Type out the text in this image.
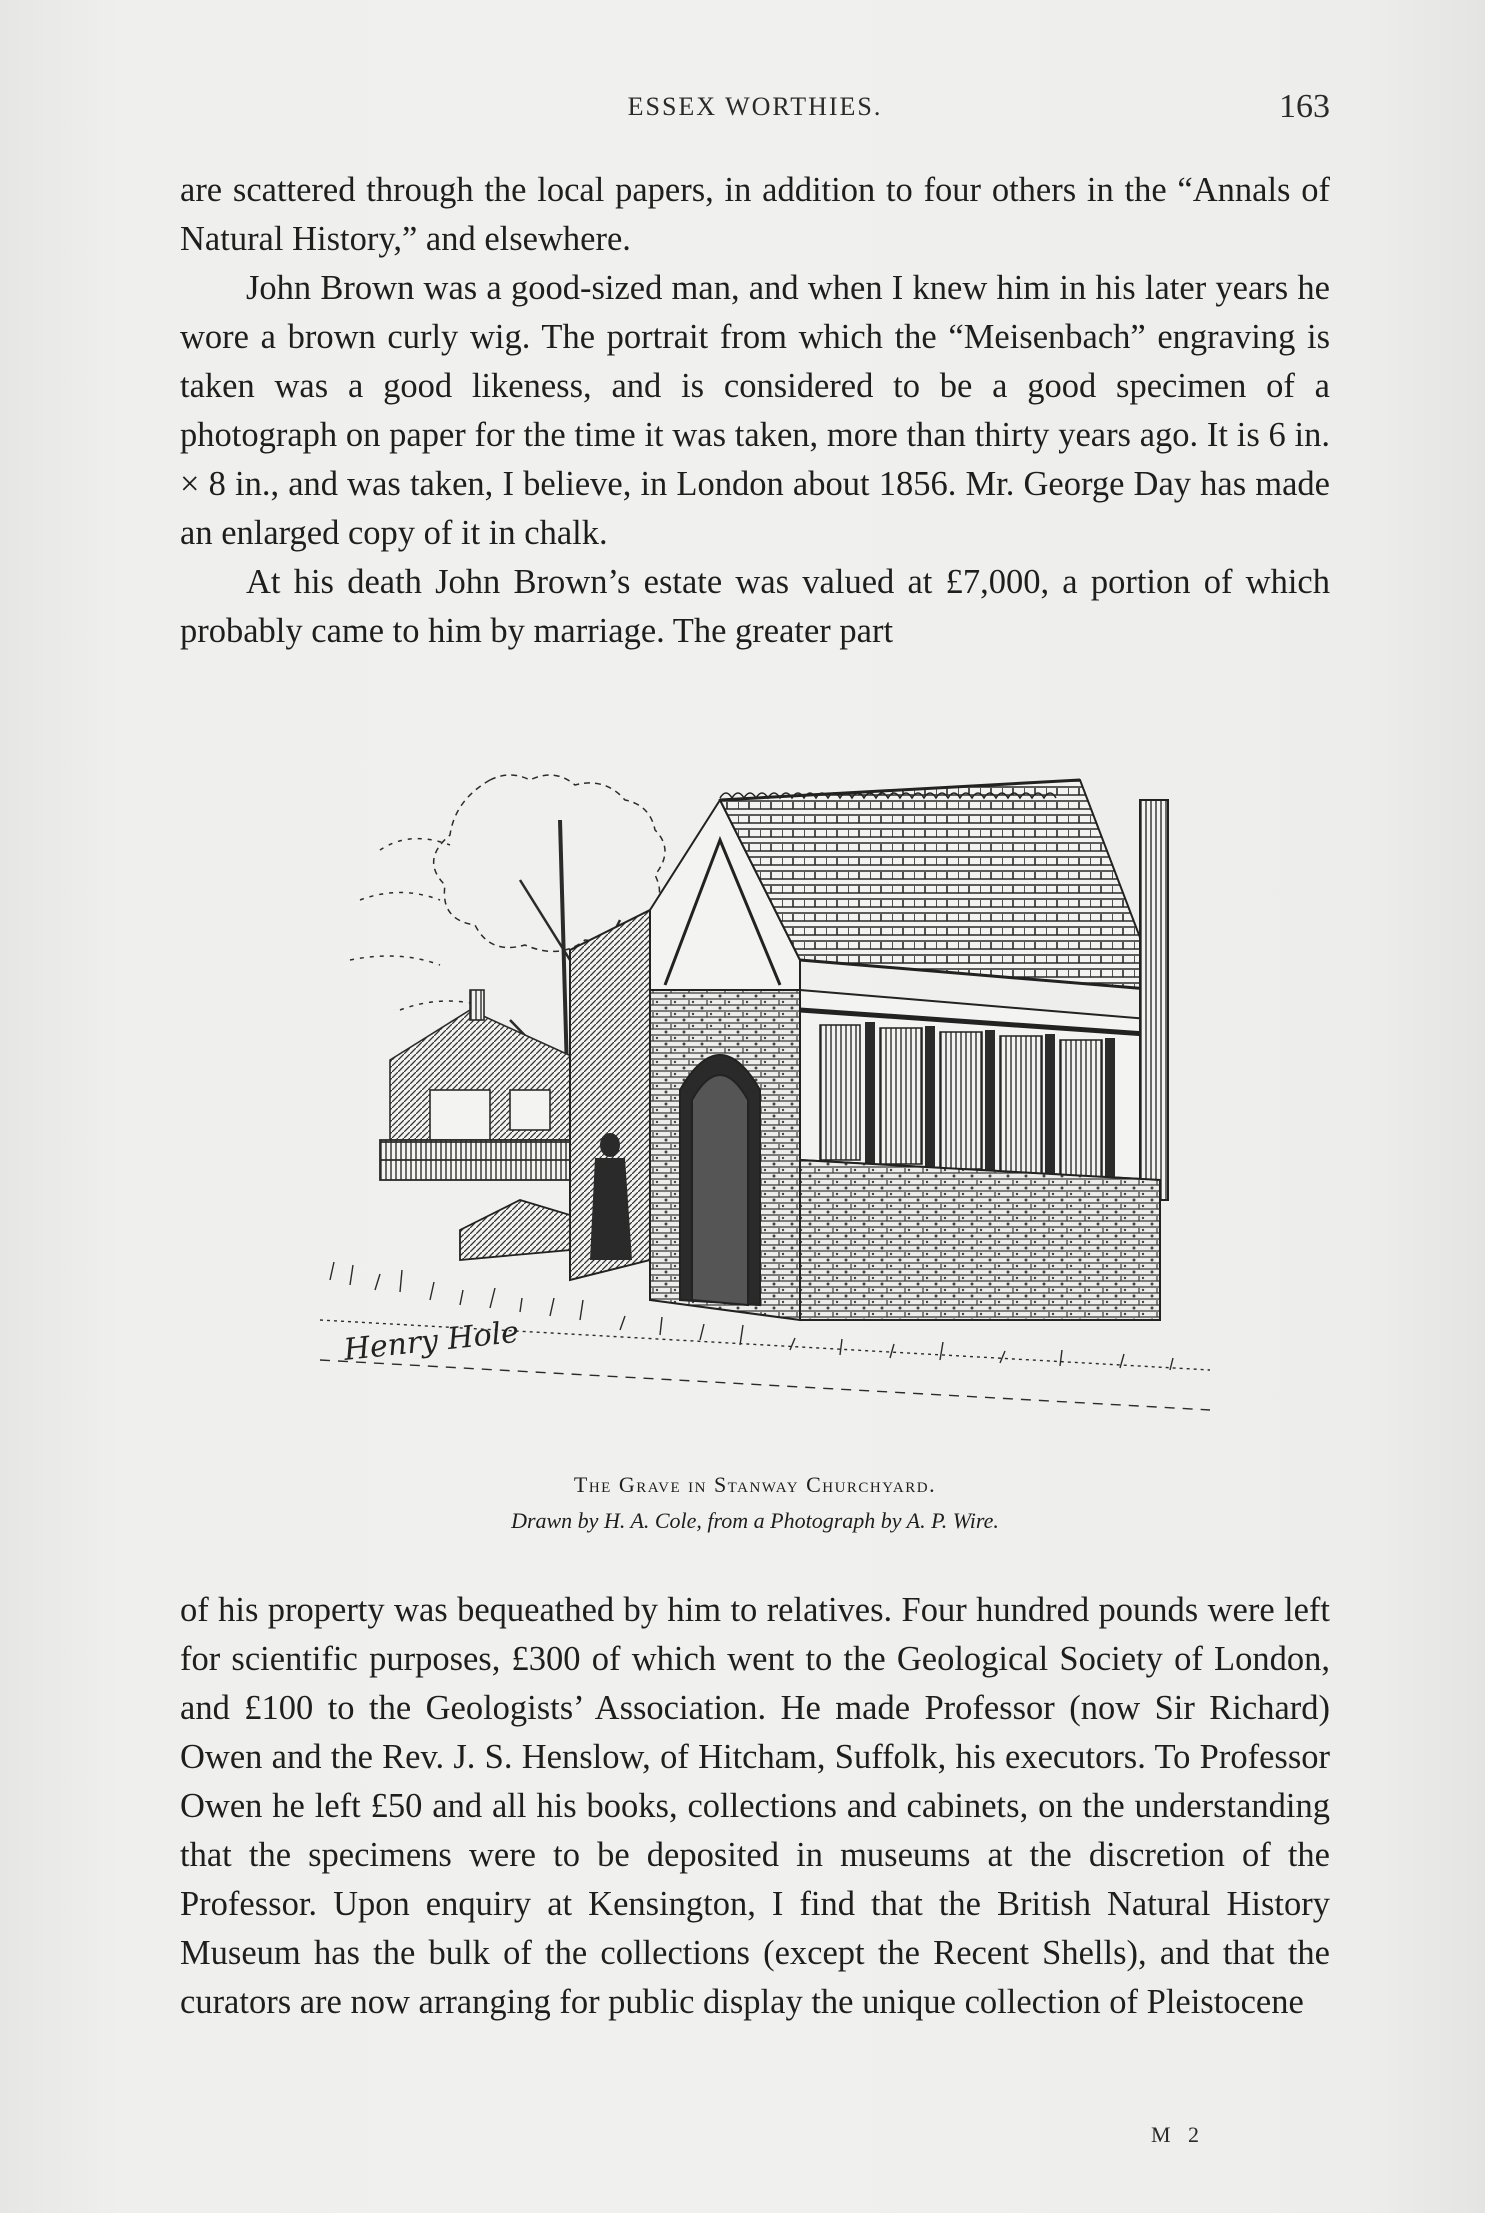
ESSEX WORTHIES.	163

are scattered through the local papers, in addition to four others in the “Annals of Natural History,” and elsewhere.

John Brown was a good-sized man, and when I knew him in his later years he wore a brown curly wig. The portrait from which the “Meisenbach” engraving is taken was a good likeness, and is considered to be a good specimen of a photograph on paper for the time it was taken, more than thirty years ago. It is 6 in. × 8 in., and was taken, I believe, in London about 1856. Mr. George Day has made an enlarged copy of it in chalk.

At his death John Brown’s estate was valued at £7,000, a portion of which probably came to him by marriage. The greater part

Henry Hole
The Grave in Stanway Churchyard.
Drawn by H. A. Cole, from a Photograph by A. P. Wire.

of his property was bequeathed by him to relatives. Four hundred pounds were left for scientific purposes, £300 of which went to the Geological Society of London, and £100 to the Geologists’ Association. He made Professor (now Sir Richard) Owen and the Rev. J. S. Henslow, of Hitcham, Suffolk, his executors. To Professor Owen he left £50 and all his books, collections and cabinets, on the understanding that the specimens were to be deposited in museums at the discretion of the Professor. Upon enquiry at Kensington, I find that the British Natural History Museum has the bulk of the collections (except the Recent Shells), and that the curators are now arranging for public display the unique collection of Pleistocene

M 2
